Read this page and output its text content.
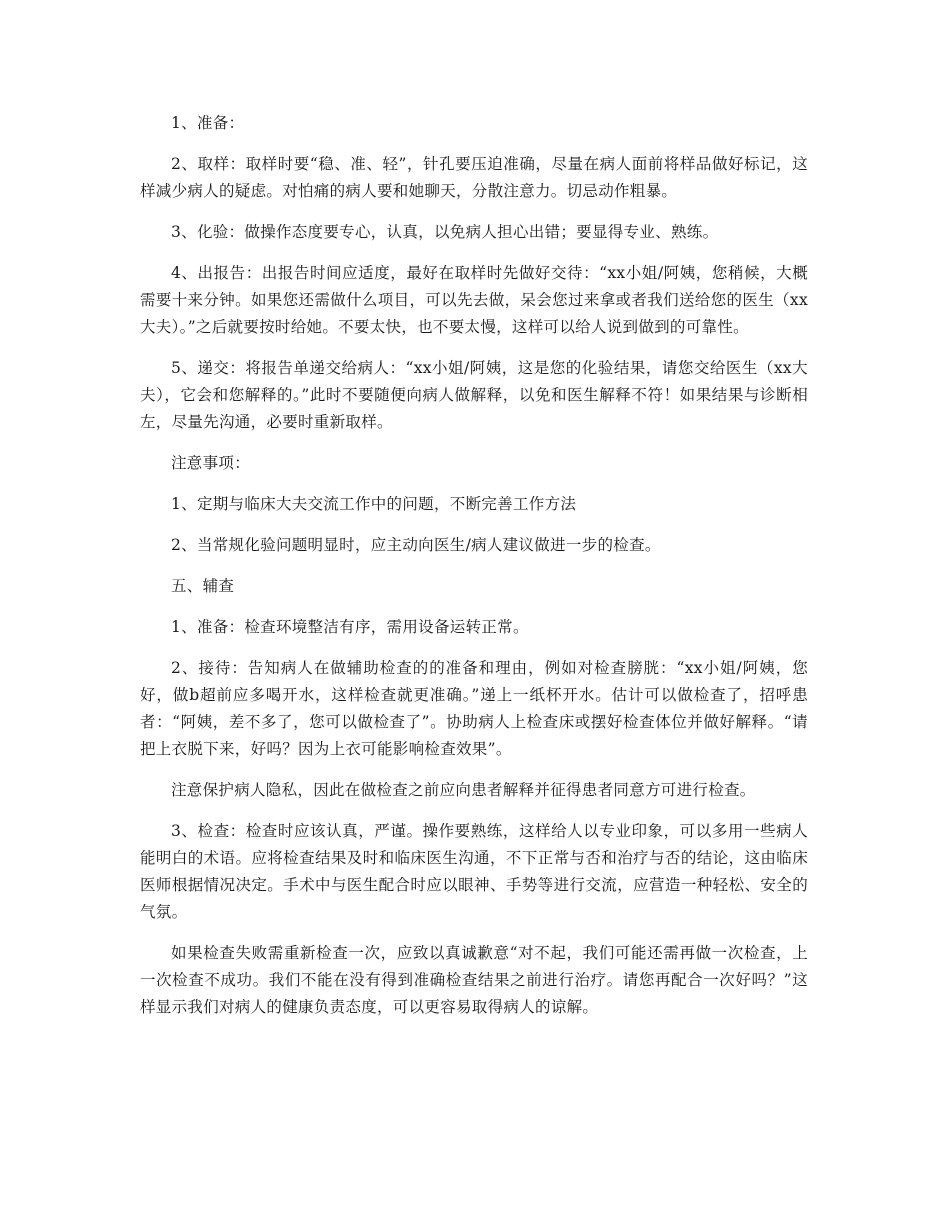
1、准备：

2、取样：取样时要“稳、准、轻”，针孔要压迫准确，尽量在病人面前将样品做好标记，这样减少病人的疑虑。对怕痛的病人要和她聊天，分散注意力。切忌动作粗暴。

3、化验：做操作态度要专心，认真，以免病人担心出错；要显得专业、熟练。

4、出报告：出报告时间应适度，最好在取样时先做好交待：“xx小姐/阿姨，您稍候，大概需要十来分钟。如果您还需做什么项目，可以先去做，呆会您过来拿或者我们送给您的医生（xx大夫）。”之后就要按时给她。不要太快，也不要太慢，这样可以给人说到做到的可靠性。

5、递交：将报告单递交给病人：“xx小姐/阿姨，这是您的化验结果，请您交给医生（xx大夫），它会和您解释的。”此时不要随便向病人做解释，以免和医生解释不符！如果结果与诊断相左，尽量先沟通，必要时重新取样。

注意事项：

1、定期与临床大夫交流工作中的问题，不断完善工作方法

2、当常规化验问题明显时，应主动向医生/病人建议做进一步的检查。

五、辅查

1、准备：检查环境整洁有序，需用设备运转正常。

2、接待：告知病人在做辅助检查的的准备和理由，例如对检查膀胱：“xx小姐/阿姨，您好，做b超前应多喝开水，这样检查就更准确。”递上一纸杯开水。估计可以做检查了，招呼患者：“阿姨，差不多了，您可以做检查了”。协助病人上检查床或摆好检查体位并做好解释。“请把上衣脱下来，好吗？因为上衣可能影响检查效果”。

注意保护病人隐私，因此在做检查之前应向患者解释并征得患者同意方可进行检查。

3、检查：检查时应该认真，严谨。操作要熟练，这样给人以专业印象，可以多用一些病人能明白的术语。应将检查结果及时和临床医生沟通，不下正常与否和治疗与否的结论，这由临床医师根据情况决定。手术中与医生配合时应以眼神、手势等进行交流，应营造一种轻松、安全的气氛。

如果检查失败需重新检查一次，应致以真诚歉意“对不起，我们可能还需再做一次检查，上一次检查不成功。我们不能在没有得到准确检查结果之前进行治疗。请您再配合一次好吗？”这样显示我们对病人的健康负责态度，可以更容易取得病人的谅解。
